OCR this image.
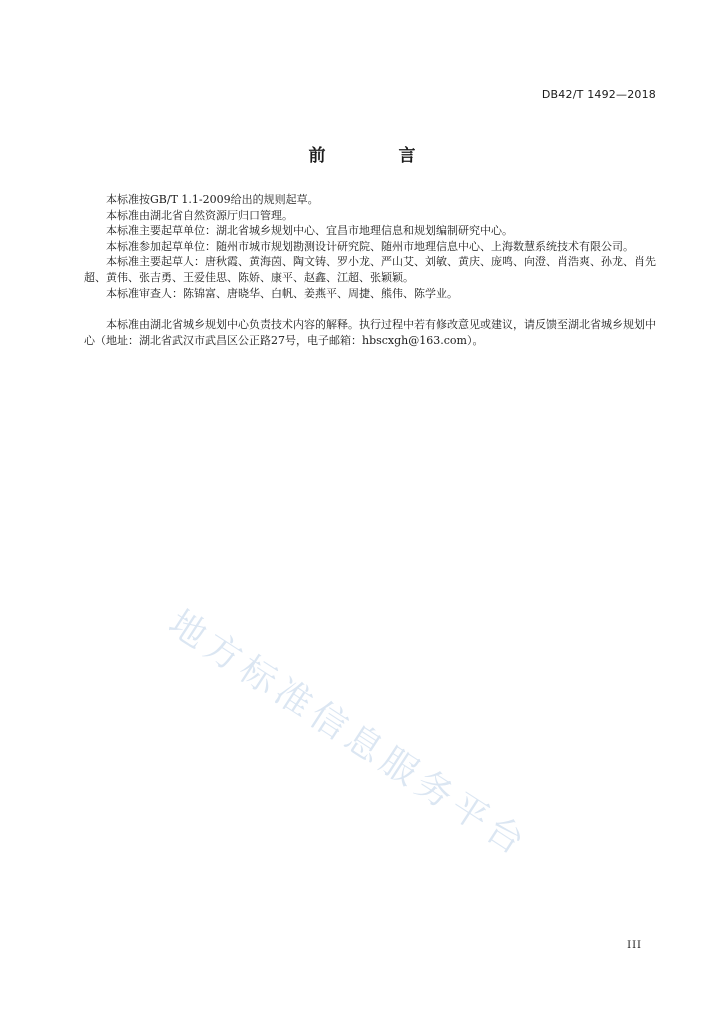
DB42/T 1492—2018
前　言

本标准按GB/T 1.1-2009给出的规则起草。

本标准由湖北省自然资源厅归口管理。

本标准主要起草单位：湖北省城乡规划中心、宜昌市地理信息和规划编制研究中心。

本标准参加起草单位：随州市城市规划勘测设计研究院、随州市地理信息中心、上海数慧系统技术有限公司。

本标准主要起草人：唐秋霞、黄海茵、陶文铸、罗小龙、严山艾、刘敏、黄庆、庞鸣、向澄、肖浩爽、孙龙、肖先超、黄伟、张吉勇、王爱佳思、陈娇、康平、赵鑫、江超、张颖颖。

本标准审查人：陈锦富、唐晓华、白帆、姜燕平、周捷、熊伟、陈学业。

本标准由湖北省城乡规划中心负责技术内容的解释。执行过程中若有修改意见或建议，请反馈至湖北省城乡规划中心（地址：湖北省武汉市武昌区公正路27号，电子邮箱：hbscxgh@163.com）。

地方标准信息服务平台
III
